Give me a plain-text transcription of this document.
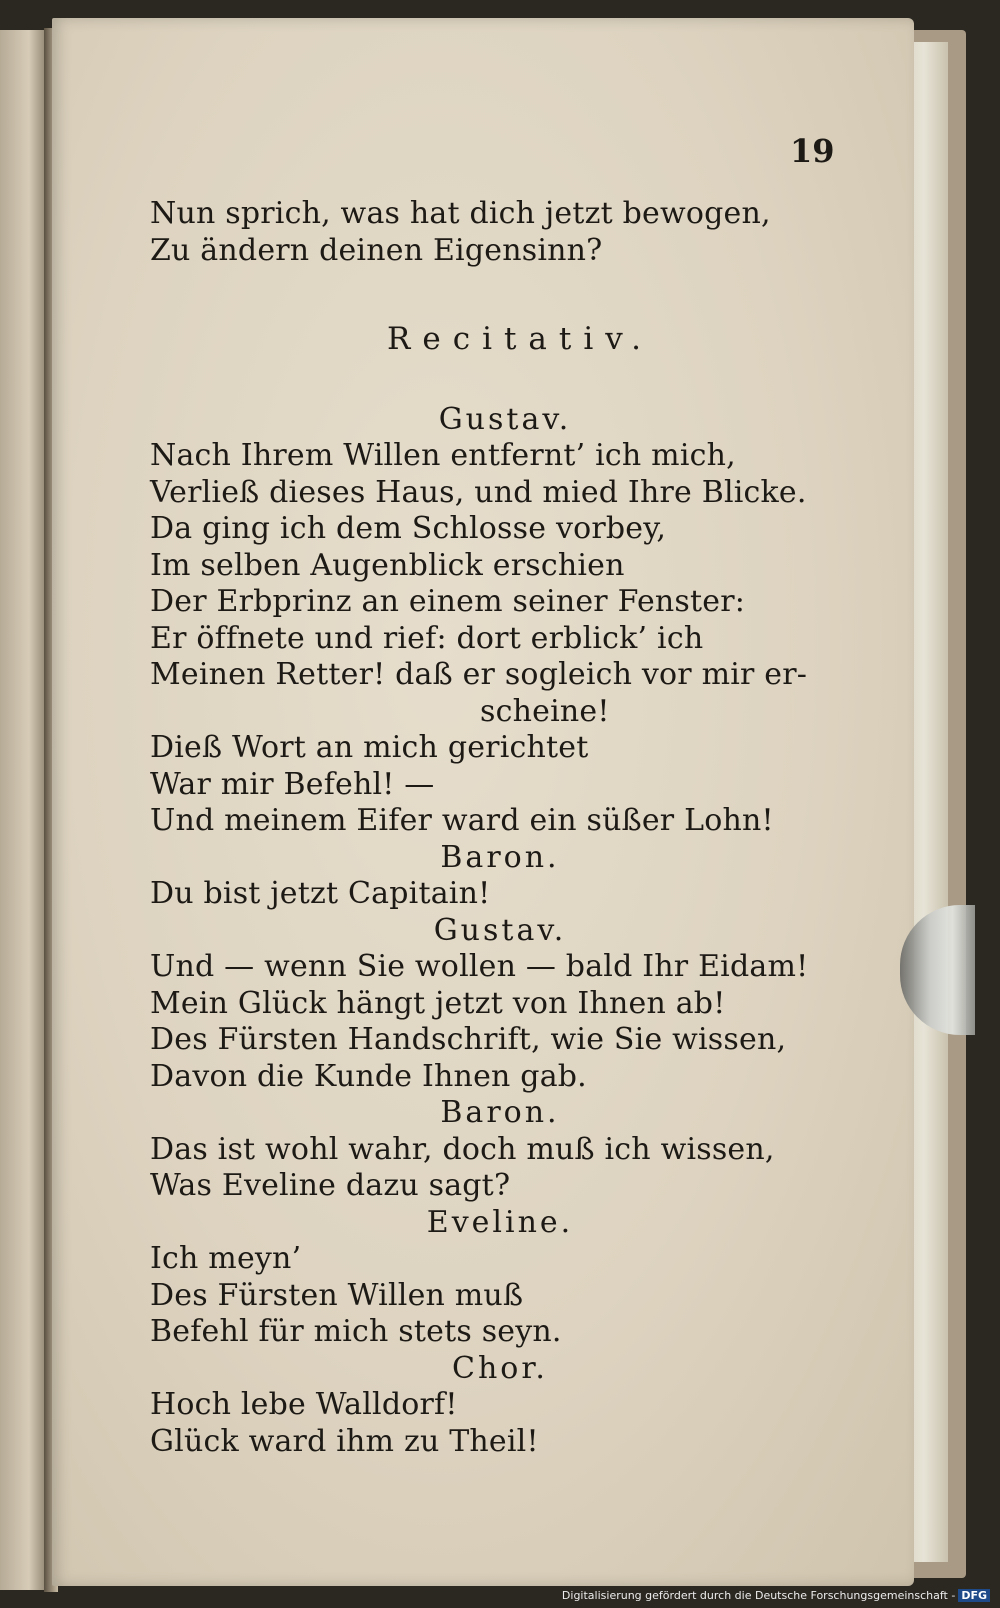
19
Nun sprich, was hat dich jetzt bewogen,
Zu ändern deinen Eigensinn?
Recitativ.
Gustav.
Nach Ihrem Willen entfernt’ ich mich,
Verließ dieses Haus, und mied Ihre Blicke.
Da ging ich dem Schlosse vorbey,
Im selben Augenblick erschien
Der Erbprinz an einem seiner Fenster:
Er öffnete und rief: dort erblick’ ich
Meinen Retter! daß er sogleich vor mir er-
scheine!
Dieß Wort an mich gerichtet
War mir Befehl! —
Und meinem Eifer ward ein süßer Lohn!
Baron.
Du bist jetzt Capitain!
Gustav.
Und — wenn Sie wollen — bald Ihr Eidam!
Mein Glück hängt jetzt von Ihnen ab!
Des Fürsten Handschrift, wie Sie wissen,
Davon die Kunde Ihnen gab.
Baron.
Das ist wohl wahr, doch muß ich wissen,
Was Eveline dazu sagt?
Eveline.
Ich meyn’
Des Fürsten Willen muß
Befehl für mich stets seyn.
Chor.
Hoch lebe Walldorf!
Glück ward ihm zu Theil!
Digitalisierung gefördert durch die Deutsche Forschungsgemeinschaft - DFG
